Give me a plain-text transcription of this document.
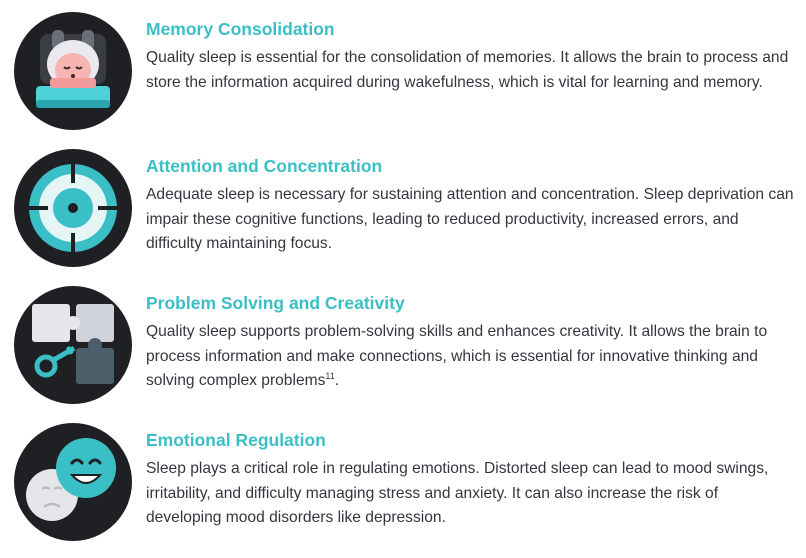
Memory Consolidation

Quality sleep is essential for the consolidation of memories. It allows the brain to process and store the information acquired during wakefulness, which is vital for learning and memory.

Attention and Concentration

Adequate sleep is necessary for sustaining attention and concentration. Sleep deprivation can impair these cognitive functions, leading to reduced productivity, increased errors, and difficulty maintaining focus.

Problem Solving and Creativity

Quality sleep supports problem-solving skills and enhances creativity. It allows the brain to process information and make connections, which is essential for innovative thinking and solving complex problems$^{11}$.

Emotional Regulation

Sleep plays a critical role in regulating emotions. Distorted sleep can lead to mood swings, irritability, and difficulty managing stress and anxiety. It can also increase the risk of developing mood disorders like depression.
